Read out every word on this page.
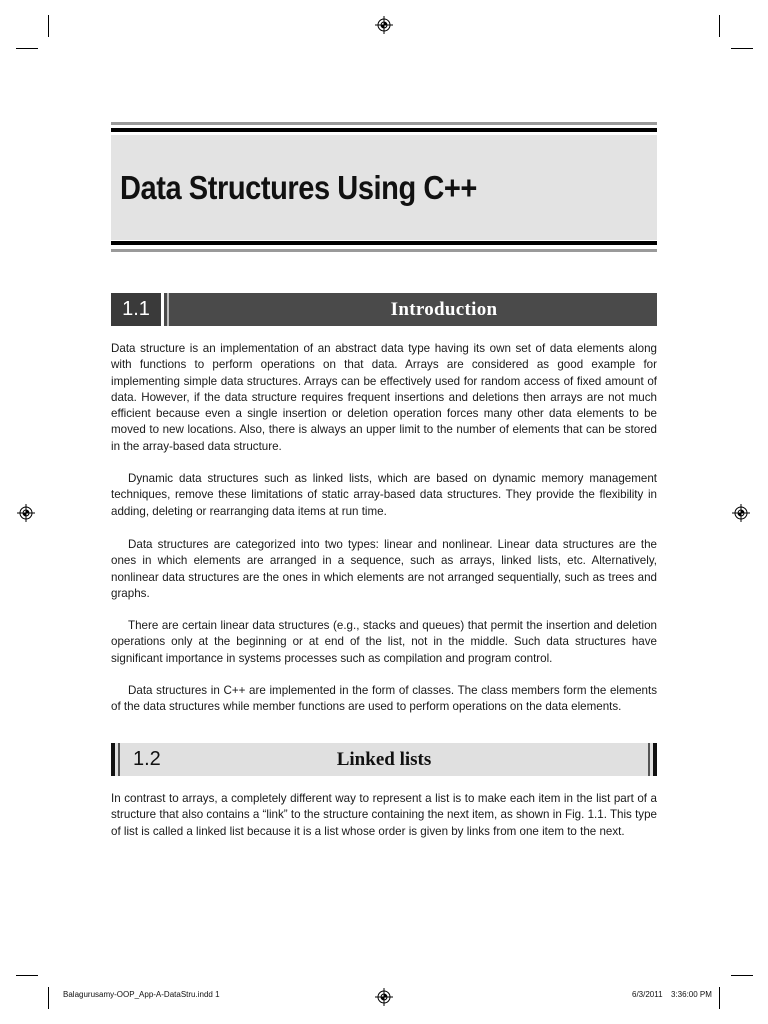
Data Structures Using C++
1.1	Introduction

Data structure is an implementation of an abstract data type having its own set of data elements along with functions to perform operations on that data. Arrays are considered as good example for implementing simple data structures. Arrays can be effectively used for random access of fixed amount of data. However, if the data structure requires frequent insertions and deletions then arrays are not much efficient because even a single insertion or deletion operation forces many other data elements to be moved to new locations. Also, there is always an upper limit to the number of elements that can be stored in the array-based data structure.

Dynamic data structures such as linked lists, which are based on dynamic memory management techniques, remove these limitations of static array-based data structures. They provide the flexibility in adding, deleting or rearranging data items at run time.

Data structures are categorized into two types: linear and nonlinear. Linear data structures are the ones in which elements are arranged in a sequence, such as arrays, linked lists, etc. Alternatively, nonlinear data structures are the ones in which elements are not arranged sequentially, such as trees and graphs.

There are certain linear data structures (e.g., stacks and queues) that permit the insertion and deletion operations only at the beginning or at end of the list, not in the middle. Such data structures have significant importance in systems processes such as compilation and program control.

Data structures in C++ are implemented in the form of classes. The class members form the elements of the data structures while member functions are used to perform operations on the data elements.

1.2	Linked lists

In contrast to arrays, a completely different way to represent a list is to make each item in the list part of a structure that also contains a “link” to the structure containing the next item, as shown in Fig. 1.1. This type of list is called a linked list because it is a list whose order is given by links from one item to the next.

Balagurusamy-OOP_App-A-DataStru.indd 1	6/3/2011 3:36:00 PM
